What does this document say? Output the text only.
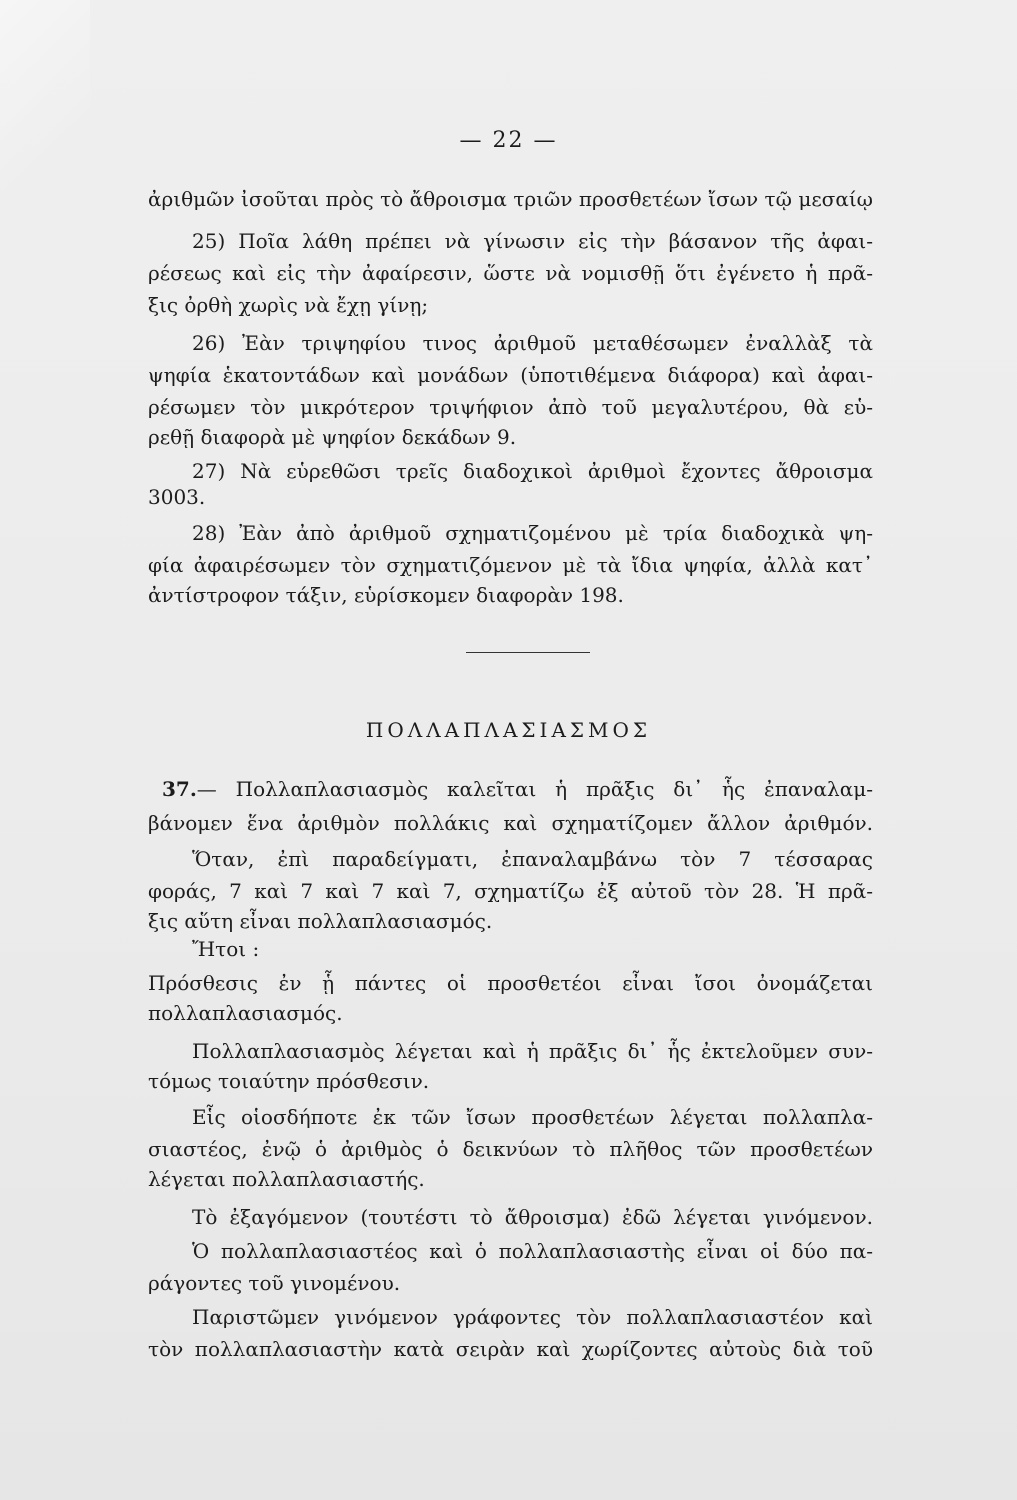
— 22 —
ἀριθμῶν ἰσοῦται πρὸς τὸ ἄθροισμα τριῶν προσθετέων ἴσων τῷ μεσαίῳ
25) Ποῖα λάθη πρέπει νὰ γίνωσιν εἰς τὴν βάσανον τῆς ἀφαι-
ρέσεως καὶ εἰς τὴν ἀφαίρεσιν, ὥστε νὰ νομισθῇ ὅτι ἐγένετο ἡ πρᾶ-
ξις ὀρθὴ χωρὶς νὰ ἔχῃ γίνῃ;
26) Ἐὰν τριψηφίου τινος ἀριθμοῦ μεταθέσωμεν ἐναλλὰξ τὰ
ψηφία ἑκατοντάδων καὶ μονάδων (ὑποτιθέμενα διάφορα) καὶ ἀφαι-
ρέσωμεν τὸν μικρότερον τριψήφιον ἀπὸ τοῦ μεγαλυτέρου, θὰ εὑ-
ρεθῇ διαφορὰ μὲ ψηφίον δεκάδων 9.
27) Νὰ εὑρεθῶσι τρεῖς διαδοχικοὶ ἀριθμοὶ ἔχοντες ἄθροισμα
3003.
28) Ἐὰν ἀπὸ ἀριθμοῦ σχηματιζομένου μὲ τρία διαδοχικὰ ψη-
φία ἀφαιρέσωμεν τὸν σχηματιζόμενον μὲ τὰ ἴδια ψηφία, ἀλλὰ κατ᾽
ἀντίστροφον τάξιν, εὑρίσκομεν διαφορὰν 198.
ΠΟΛΛΑΠΛΑΣΙΑΣΜΟΣ
37.— Πολλαπλασιασμὸς καλεῖται ἡ πρᾶξις δι᾽ ἧς ἐπαναλαμ-
βάνομεν ἕνα ἀριθμὸν πολλάκις καὶ σχηματίζομεν ἄλλον ἀριθμόν.
Ὅταν, ἐπὶ παραδείγματι, ἐπαναλαμβάνω τὸν 7 τέσσαρας
φοράς, 7 καὶ 7 καὶ 7 καὶ 7, σχηματίζω ἐξ αὐτοῦ τὸν 28. Ἡ πρᾶ-
ξις αὕτη εἶναι πολλαπλασιασμός.
Ἤτοι :
Πρόσθεσις ἐν ᾗ πάντες οἱ προσθετέοι εἶναι ἴσοι ὀνομάζεται
πολλαπλασιασμός.
Πολλαπλασιασμὸς λέγεται καὶ ἡ πρᾶξις δι᾽ ἧς ἐκτελοῦμεν συν-
τόμως τοιαύτην πρόσθεσιν.
Εἷς οἱοσδήποτε ἐκ τῶν ἴσων προσθετέων λέγεται πολλαπλα-
σιαστέος, ἐνῷ ὁ ἀριθμὸς ὁ δεικνύων τὸ πλῆθος τῶν προσθετέων
λέγεται πολλαπλασιαστής.
Τὸ ἐξαγόμενον (τουτέστι τὸ ἄθροισμα) ἐδῶ λέγεται γινόμενον.
Ὁ πολλαπλασιαστέος καὶ ὁ πολλαπλασιαστὴς εἶναι οἱ δύο πα-
ράγοντες τοῦ γινομένου.
Παριστῶμεν γινόμενον γράφοντες τὸν πολλαπλασιαστέον καὶ
τὸν πολλαπλασιαστὴν κατὰ σειρὰν καὶ χωρίζοντες αὐτοὺς διὰ τοῦ
